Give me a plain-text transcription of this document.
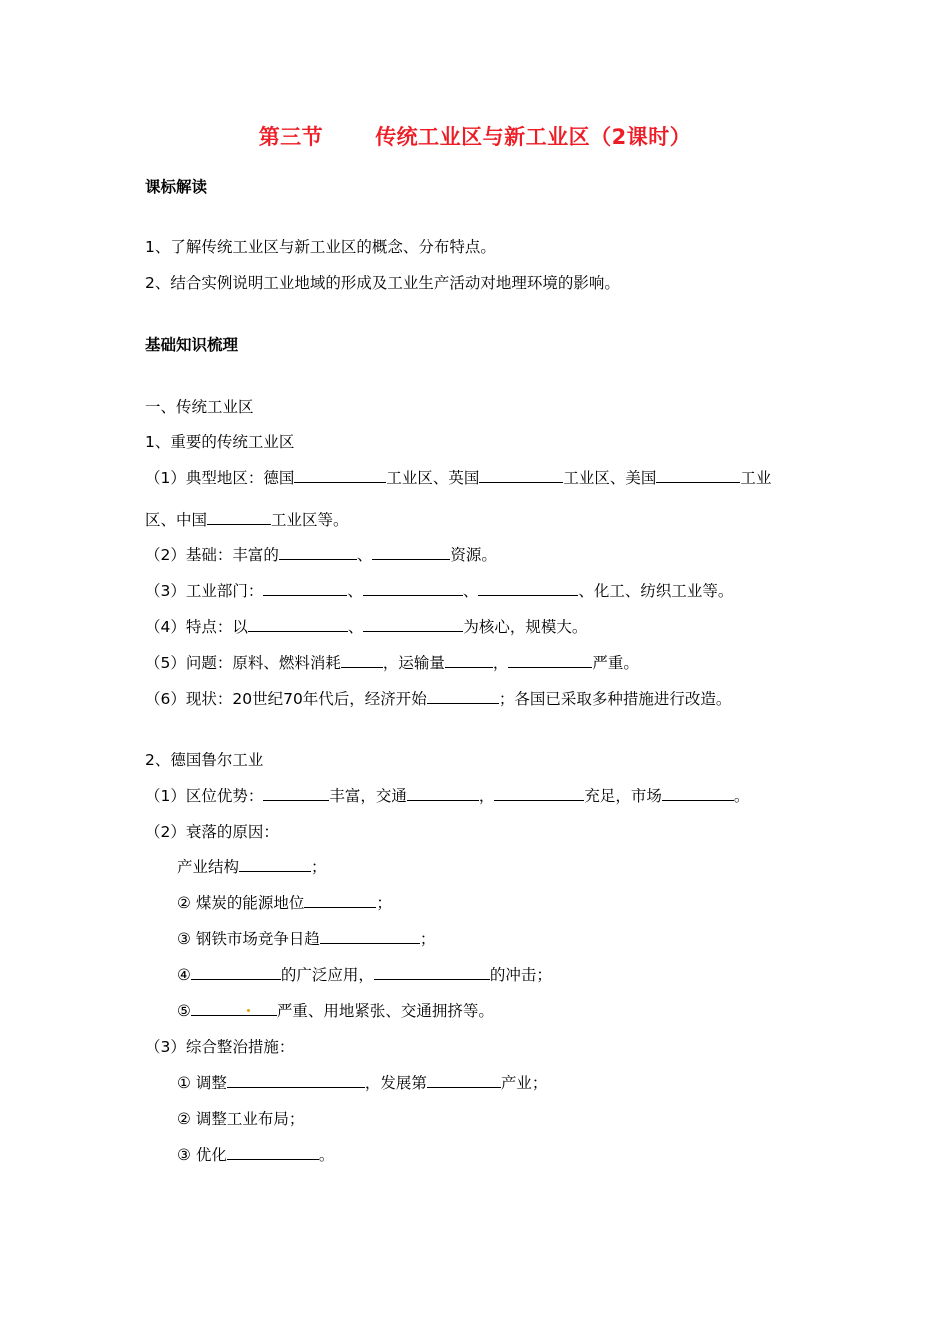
第三节 传统工业区与新工业区（2课时）
课标解读
1、了解传统工业区与新工业区的概念、分布特点。
2、结合实例说明工业地域的形成及工业生产活动对地理环境的影响。
基础知识梳理
一、传统工业区
1、重要的传统工业区
（1）典型地区：德国	工业区、英国	工业区、美国	工业
区、中国	工业区等。
（2）基础：丰富的	、	资源。
（3）工业部门：	、	、	、化工、纺织工业等。
（4）特点：以	、	为核心，规模大。
（5）问题：原料、燃料消耗	，运输量	，	严重。
（6）现状：20世纪70年代后，经济开始	；各国已采取多种措施进行改造。
2、德国鲁尔工业
（1）区位优势：	丰富，交通	，	充足，市场	。
（2）衰落的原因：
产业结构	；
② 煤炭的能源地位	；
③ 钢铁市场竞争日趋	；
④	的广泛应用，	的冲击；
⑤	严重、用地紧张、交通拥挤等。
（3）综合整治措施：
① 调整	，发展第	产业；
② 调整工业布局；
③ 优化	。
